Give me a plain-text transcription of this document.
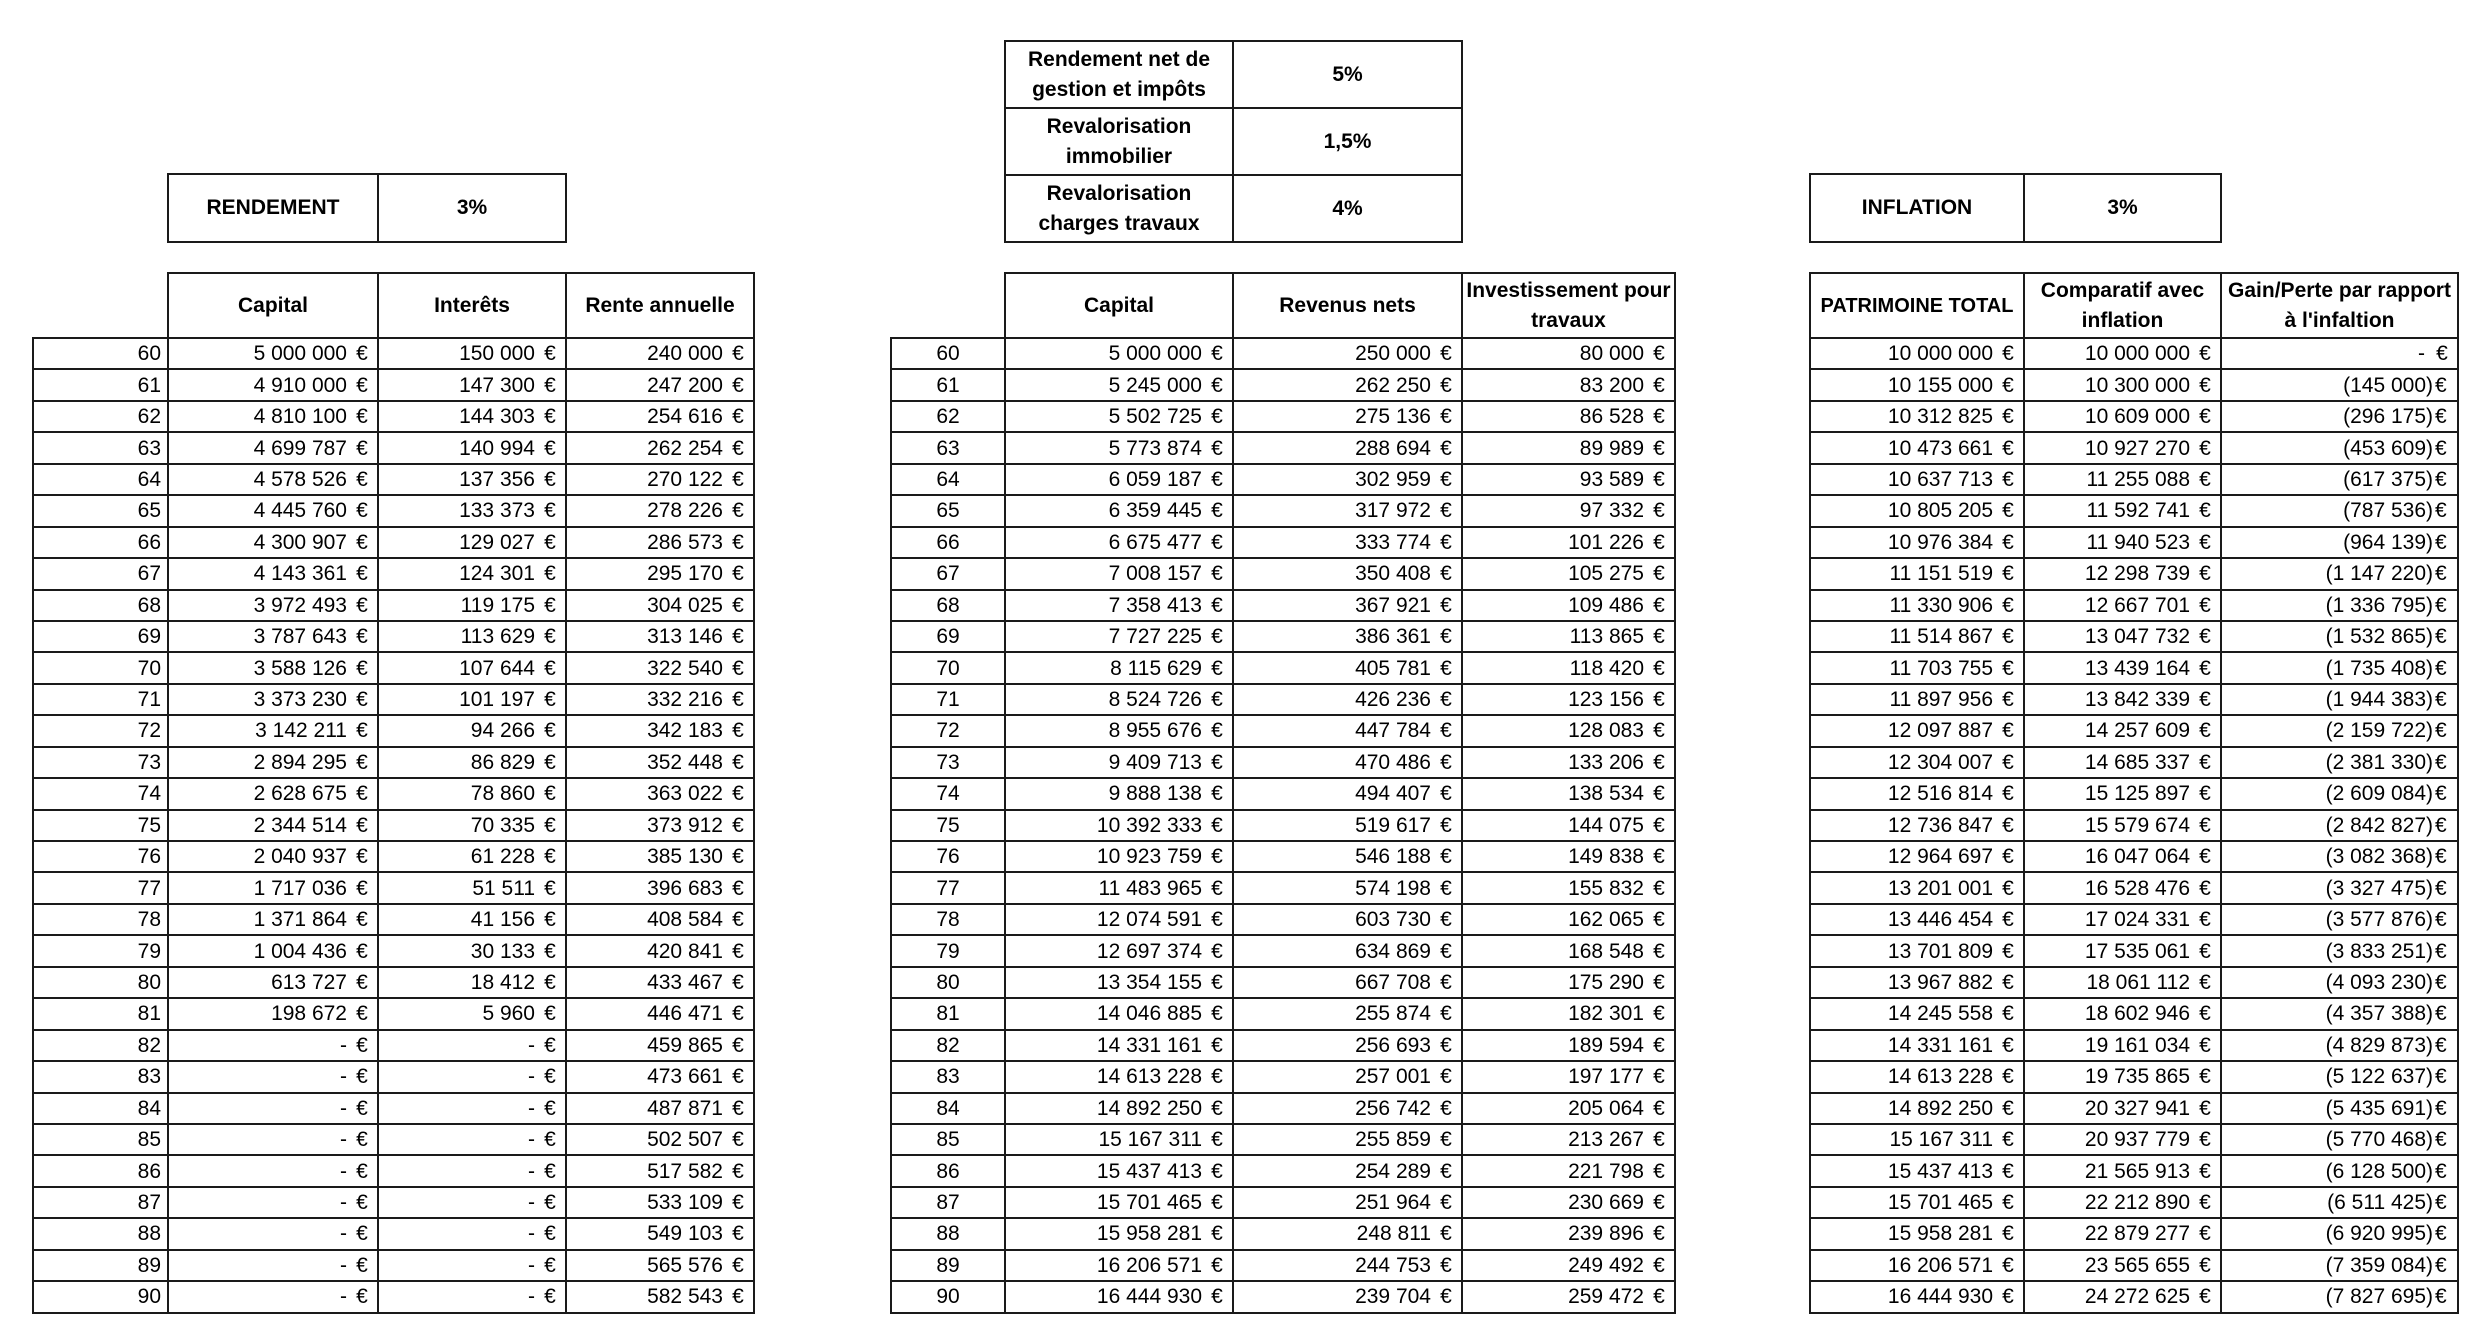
RENDEMENT	3%
	Capital	Interêts	Rente annuelle
60	5 000 000 €	150 000 €	240 000 €
61	4 910 000 €	147 300 €	247 200 €
62	4 810 100 €	144 303 €	254 616 €
63	4 699 787 €	140 994 €	262 254 €
64	4 578 526 €	137 356 €	270 122 €
65	4 445 760 €	133 373 €	278 226 €
66	4 300 907 €	129 027 €	286 573 €
67	4 143 361 €	124 301 €	295 170 €
68	3 972 493 €	119 175 €	304 025 €
69	3 787 643 €	113 629 €	313 146 €
70	3 588 126 €	107 644 €	322 540 €
71	3 373 230 €	101 197 €	332 216 €
72	3 142 211 €	94 266 €	342 183 €
73	2 894 295 €	86 829 €	352 448 €
74	2 628 675 €	78 860 €	363 022 €
75	2 344 514 €	70 335 €	373 912 €
76	2 040 937 €	61 228 €	385 130 €
77	1 717 036 €	51 511 €	396 683 €
78	1 371 864 €	41 156 €	408 584 €
79	1 004 436 €	30 133 €	420 841 €
80	613 727 €	18 412 €	433 467 €
81	198 672 €	5 960 €	446 471 €
82	- €	- €	459 865 €
83	- €	- €	473 661 €
84	- €	- €	487 871 €
85	- €	- €	502 507 €
86	- €	- €	517 582 €
87	- €	- €	533 109 €
88	- €	- €	549 103 €
89	- €	- €	565 576 €
90	- €	- €	582 543 €
Rendement net de gestion et impôts	5%
Revalorisation immobilier	1,5%
Revalorisation charges travaux	4%
	Capital	Revenus nets	Investissement pour travaux
60	5 000 000 €	250 000 €	80 000 €
61	5 245 000 €	262 250 €	83 200 €
62	5 502 725 €	275 136 €	86 528 €
63	5 773 874 €	288 694 €	89 989 €
64	6 059 187 €	302 959 €	93 589 €
65	6 359 445 €	317 972 €	97 332 €
66	6 675 477 €	333 774 €	101 226 €
67	7 008 157 €	350 408 €	105 275 €
68	7 358 413 €	367 921 €	109 486 €
69	7 727 225 €	386 361 €	113 865 €
70	8 115 629 €	405 781 €	118 420 €
71	8 524 726 €	426 236 €	123 156 €
72	8 955 676 €	447 784 €	128 083 €
73	9 409 713 €	470 486 €	133 206 €
74	9 888 138 €	494 407 €	138 534 €
75	10 392 333 €	519 617 €	144 075 €
76	10 923 759 €	546 188 €	149 838 €
77	11 483 965 €	574 198 €	155 832 €
78	12 074 591 €	603 730 €	162 065 €
79	12 697 374 €	634 869 €	168 548 €
80	13 354 155 €	667 708 €	175 290 €
81	14 046 885 €	255 874 €	182 301 €
82	14 331 161 €	256 693 €	189 594 €
83	14 613 228 €	257 001 €	197 177 €
84	14 892 250 €	256 742 €	205 064 €
85	15 167 311 €	255 859 €	213 267 €
86	15 437 413 €	254 289 €	221 798 €
87	15 701 465 €	251 964 €	230 669 €
88	15 958 281 €	248 811 €	239 896 €
89	16 206 571 €	244 753 €	249 492 €
90	16 444 930 €	239 704 €	259 472 €
INFLATION	3%
PATRIMOINE TOTAL	Comparatif avec inflation	Gain/Perte par rapport à l'infaltion
10 000 000 €	10 000 000 €	- €
10 155 000 €	10 300 000 €	(145 000)€
10 312 825 €	10 609 000 €	(296 175)€
10 473 661 €	10 927 270 €	(453 609)€
10 637 713 €	11 255 088 €	(617 375)€
10 805 205 €	11 592 741 €	(787 536)€
10 976 384 €	11 940 523 €	(964 139)€
11 151 519 €	12 298 739 €	(1 147 220)€
11 330 906 €	12 667 701 €	(1 336 795)€
11 514 867 €	13 047 732 €	(1 532 865)€
11 703 755 €	13 439 164 €	(1 735 408)€
11 897 956 €	13 842 339 €	(1 944 383)€
12 097 887 €	14 257 609 €	(2 159 722)€
12 304 007 €	14 685 337 €	(2 381 330)€
12 516 814 €	15 125 897 €	(2 609 084)€
12 736 847 €	15 579 674 €	(2 842 827)€
12 964 697 €	16 047 064 €	(3 082 368)€
13 201 001 €	16 528 476 €	(3 327 475)€
13 446 454 €	17 024 331 €	(3 577 876)€
13 701 809 €	17 535 061 €	(3 833 251)€
13 967 882 €	18 061 112 €	(4 093 230)€
14 245 558 €	18 602 946 €	(4 357 388)€
14 331 161 €	19 161 034 €	(4 829 873)€
14 613 228 €	19 735 865 €	(5 122 637)€
14 892 250 €	20 327 941 €	(5 435 691)€
15 167 311 €	20 937 779 €	(5 770 468)€
15 437 413 €	21 565 913 €	(6 128 500)€
15 701 465 €	22 212 890 €	(6 511 425)€
15 958 281 €	22 879 277 €	(6 920 995)€
16 206 571 €	23 565 655 €	(7 359 084)€
16 444 930 €	24 272 625 €	(7 827 695)€
